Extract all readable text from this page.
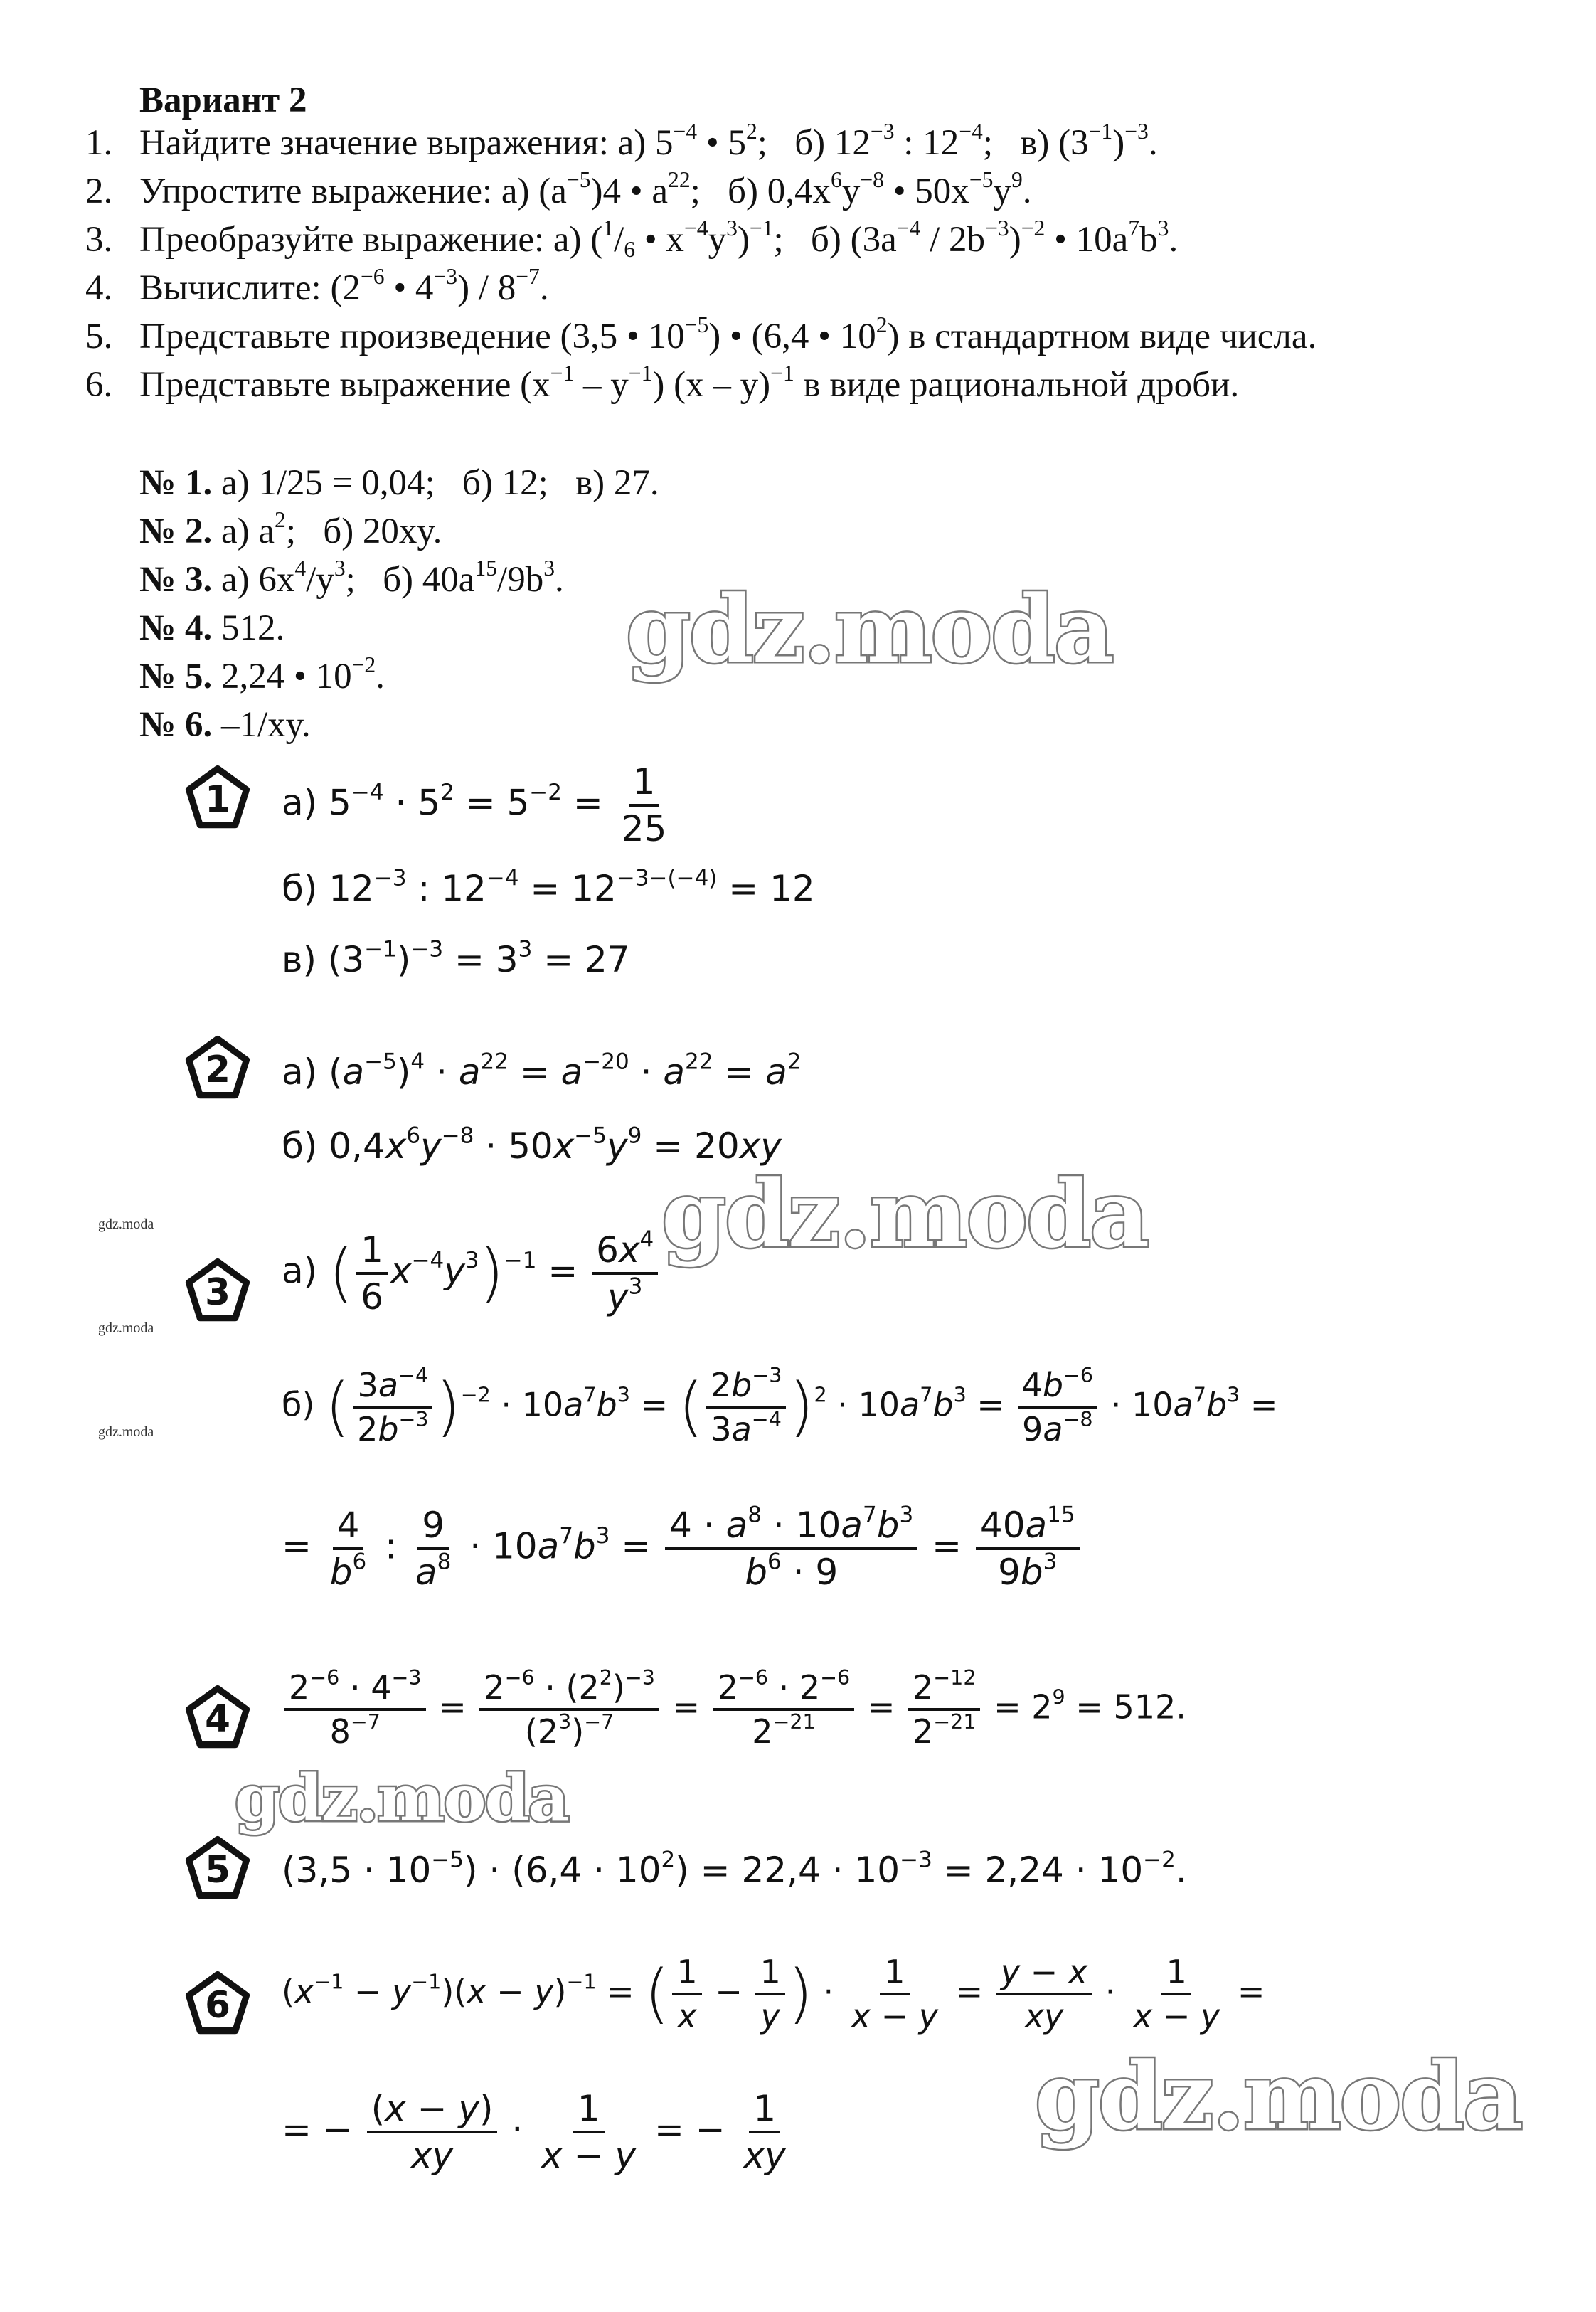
Вариант 2
1. Найдите значение выражения: а) $5^{-4}$ • $5^2$;   б) $12^{-3}$ : $12^{-4}$;   в) $(3^{-1})^{-3}$.
2. Упростите выражение: а) $(a^{-5})4$ • $a^{22}$;   б) $0,4x^6y^{-8}$ • $50x^{-5}y^9$.
3. Преобразуйте выражение: а) ($^1/_6$ • $x^{-4}y^3)^{-1}$;   б) $(3a^{-4} / 2b^{-3})^{-2}$ • $10a^7b^3$.
4. Вычислите: ($2^{-6}$ • $4^{-3}) / 8^{-7}$.
5. Представьте произведение (3,5 • $10^{-5}$) • (6,4 • $10^2$) в стандартном виде числа.
6. Представьте выражение $(x^{-1} - y^{-1})$ (x – y)$^{-1}$ в виде рациональной дроби.
№ 1. а) 1/25 = 0,04;   б) 12;   в) 27.
№ 2. а) $a^2$;   б) 20xy.
№ 3. а) $6x^4/y^3$;   б) $40a^{15}/9b^3$.
№ 4. 512.
№ 5. 2,24 • $10^{-2}$.
№ 6. –1/xy.
gdz.moda
gdz.moda
gdz.moda
gdz.moda
gdz.moda
gdz.moda
gdz.moda
1
2
3
4
5
6
а) $5^{-4} \cdot 5^2 = 5^{-2} = \frac{1}{25}$
б) $12^{-3}$ : $12^{-4} = 12^{-3-(-4)} = 12$
в) $(3^{-1})^{-3} = 3^3 = 27$
а) $(a^{-5})^4 \cdot a^{22} = a^{-20} \cdot a^{22} = a^2$
б) $0,4x^6y^{-8} \cdot 50x^{-5}y^9 = 20xy$
а) ( $\frac{1}{6} x^{-4}y^3)^{-1} = \frac{6x^4}{y^3}$
б) ( $\frac{3a^{-4}}{2b^{-3}} )^{-2} \cdot 10a^7b^3$ = ( $\frac{2b^{-3}}{3a^{-4}} )^2 \cdot 10a^7b^3 = \frac{4b^{-6}}{9a^{-8}} \cdot 10a^7b^3$ =
= $\frac{4}{b^6}$ : $\frac{9}{a^8} \cdot 10a^7b^3 = \frac{4 \cdot a^8 \cdot 10a^7b^3}{b^6 \cdot 9} = \frac{40a^{15}}{9b^3}$
$\frac{2^{-6} \cdot 4^{-3}}{8^{-7}} = \frac{2^{-6} \cdot (2^2)^{-3}}{(2^3)^{-7}} = \frac{2^{-6} \cdot 2^{-6}}{2^{-21}} = \frac{2^{-12}}{2^{-21}} = 2^9 = 512$.
$(3,5 \cdot 10^{-5}) \cdot (6,4 \cdot 10^2) = 22,4 \cdot 10^{-3} = 2,24 \cdot 10^{-2}$.
$(x^{-1} - y^{-1})(x - y)^{-1}$ = ( $\frac{1}{x} - \frac{1}{y}$ ) · $\frac{1}{x - y} = \frac{y - x}{xy} \cdot \frac{1}{x - y}$ =
= − $\frac{(x - y)}{xy} \cdot \frac{1}{x - y}$ = − $\frac{1}{xy}$
